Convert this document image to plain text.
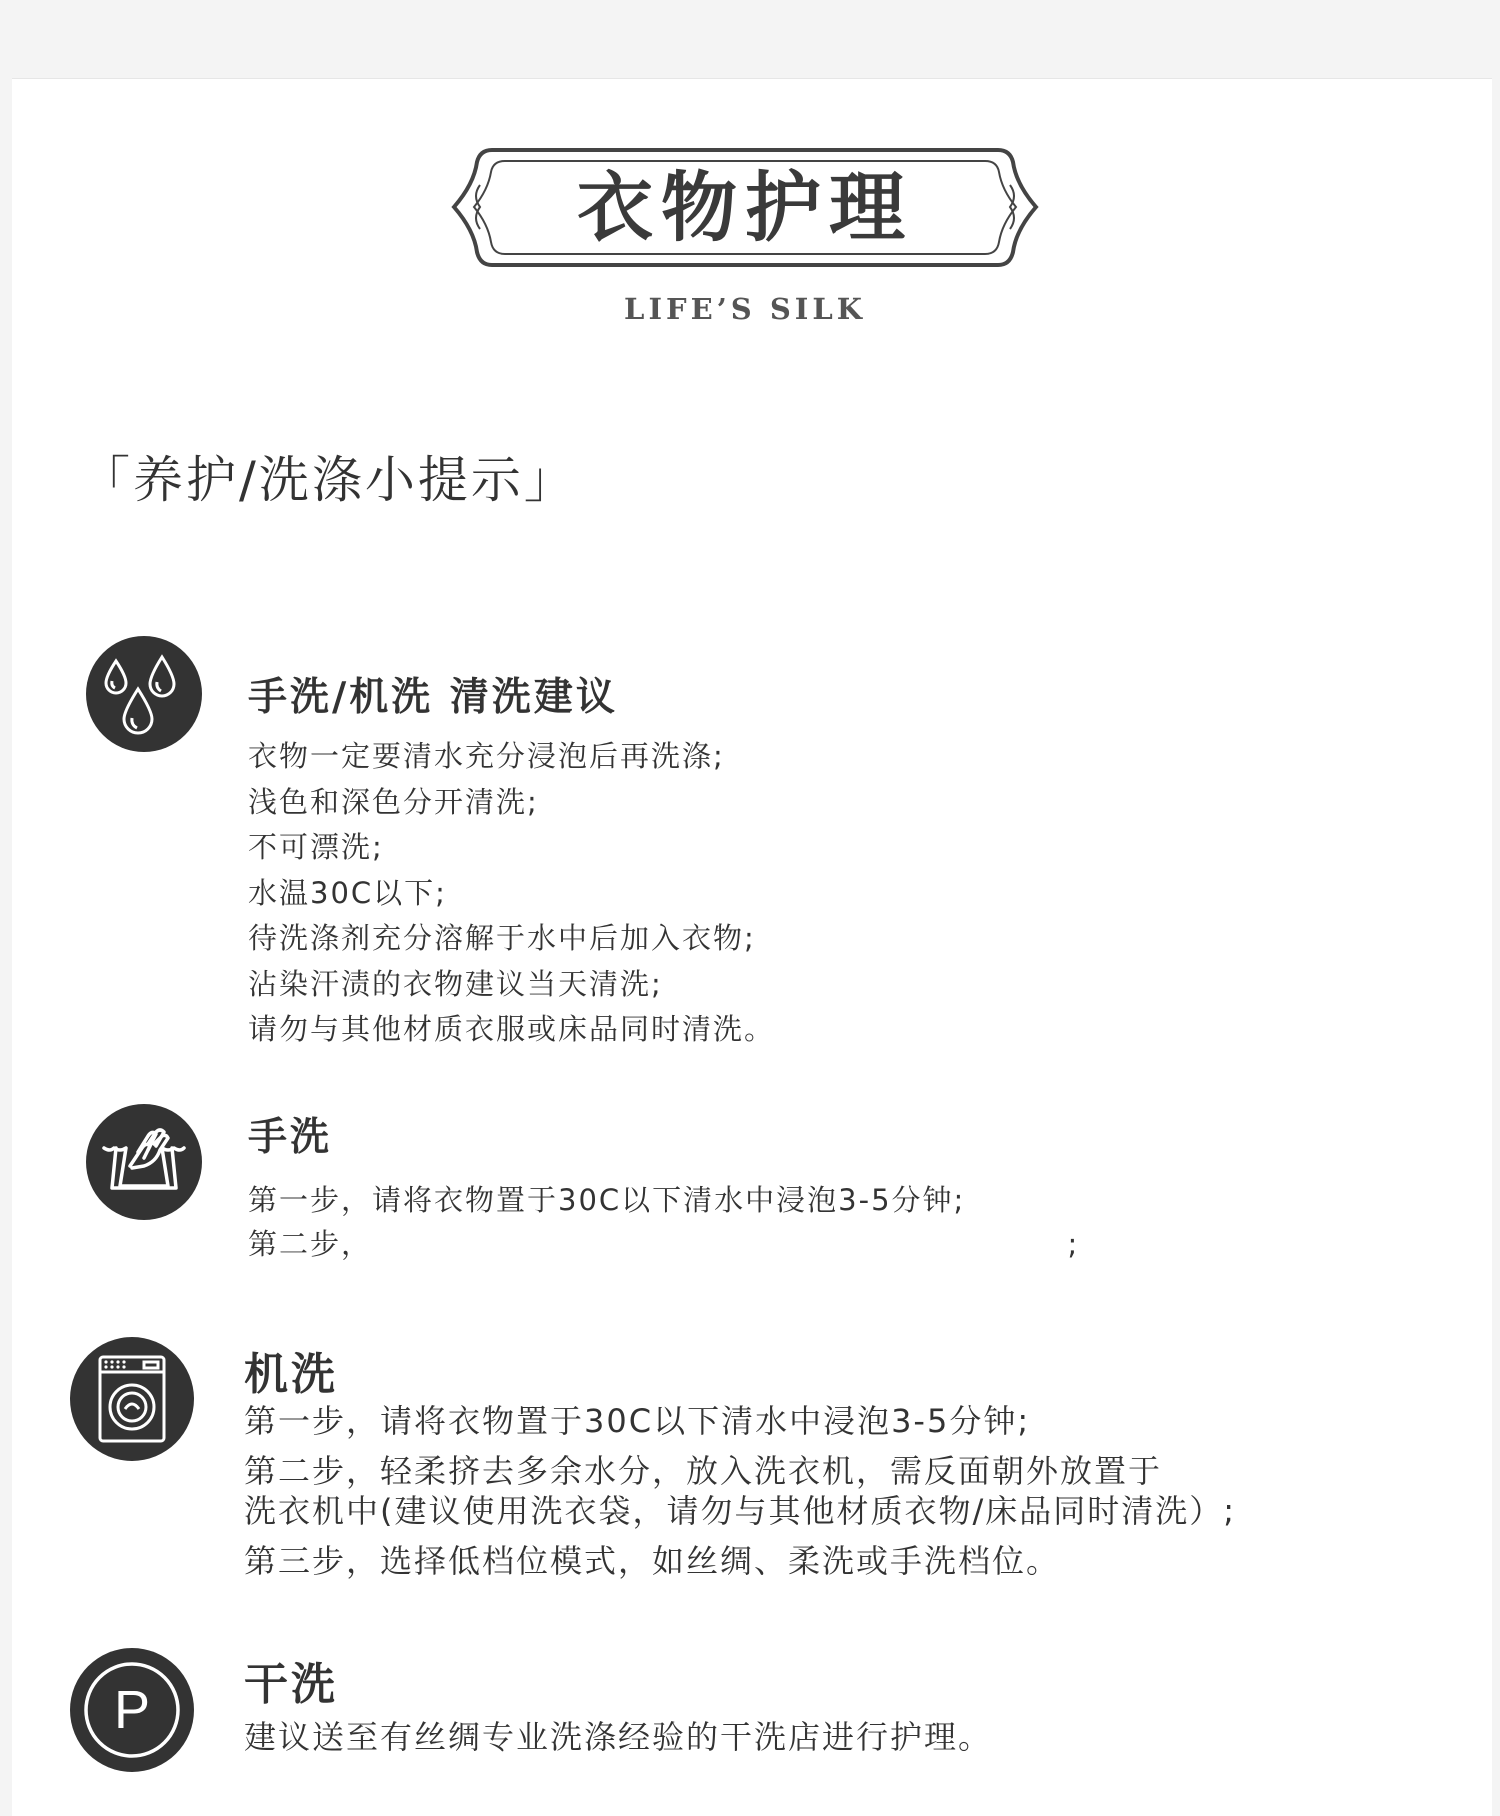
衣物护理
LIFE’S SILK
「养护/洗涤小提示」
手洗/机洗 清洗建议
衣物一定要清水充分浸泡后再洗涤;
浅色和深色分开清洗;
不可漂洗;
水温30C以下;
待洗涤剂充分溶解于水中后加入衣物;
沾染汗渍的衣物建议当天清洗;
请勿与其他材质衣服或床品同时清洗。
手洗
第一步，请将衣物置于30C以下清水中浸泡3-5分钟;
第二步，                                                              ;
机洗
第一步，请将衣物置于30C以下清水中浸泡3-5分钟;
第二步，轻柔挤去多余水分，放入洗衣机，需反面朝外放置于
洗衣机中(建议使用洗衣袋，请勿与其他材质衣物/床品同时清洗）;
第三步，选择低档位模式，如丝绸、柔洗或手洗档位。
P	干洗
建议送至有丝绸专业洗涤经验的干洗店进行护理。
